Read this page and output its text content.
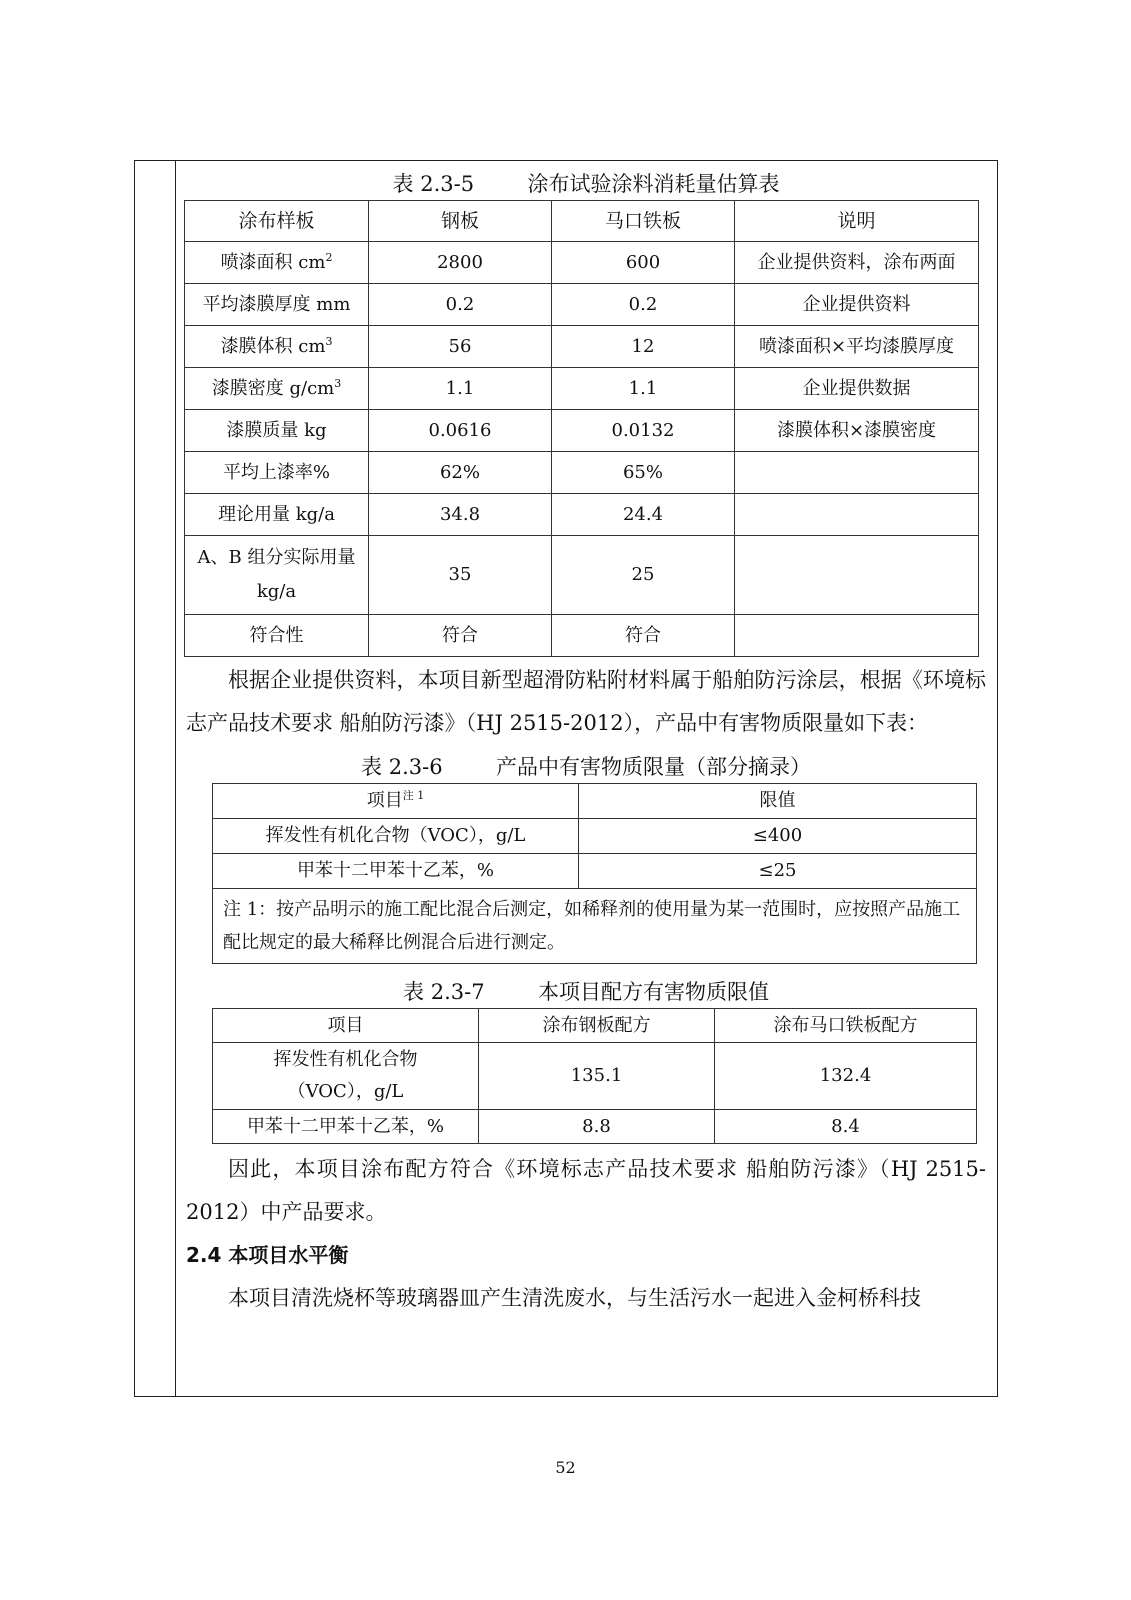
表 2.3-5        涂布试验涂料消耗量估算表
涂布样板	钢板	马口铁板	说明
喷漆面积 $cm^2$	2800	600	企业提供资料，涂布两面
平均漆膜厚度 mm	0.2	0.2	企业提供资料
漆膜体积 $cm^3$	56	12	喷漆面积×平均漆膜厚度
漆膜密度 $g/cm^3$	1.1	1.1	企业提供数据
漆膜质量 kg	0.0616	0.0132	漆膜体积×漆膜密度
平均上漆率%	62%	65%	
理论用量 kg/a	34.8	24.4	
A、B 组分实际用量 kg/a	35	25	
符合性	符合	符合	

根据企业提供资料，本项目新型超滑防粘附材料属于船舶防污涂层，根据《环境标志产品技术要求 船舶防污漆》（HJ 2515-2012），产品中有害物质限量如下表：

表 2.3-6        产品中有害物质限量（部分摘录）
项目$^{注 1}$	限值
挥发性有机化合物（VOC），g/L	≤400
甲苯十二甲苯十乙苯，%	≤25
注 1：按产品明示的施工配比混合后测定，如稀释剂的使用量为某一范围时，应按照产品施工配比规定的最大稀释比例混合后进行测定。	
表 2.3-7        本项目配方有害物质限值
项目	涂布钢板配方	涂布马口铁板配方
挥发性有机化合物（VOC），g/L	135.1	132.4
甲苯十二甲苯十乙苯，%	8.8	8.4

因此，本项目涂布配方符合《环境标志产品技术要求 船舶防污漆》（HJ 2515-2012）中产品要求。

2.4 本项目水平衡

本项目清洗烧杯等玻璃器皿产生清洗废水，与生活污水一起进入金柯桥科技

52
